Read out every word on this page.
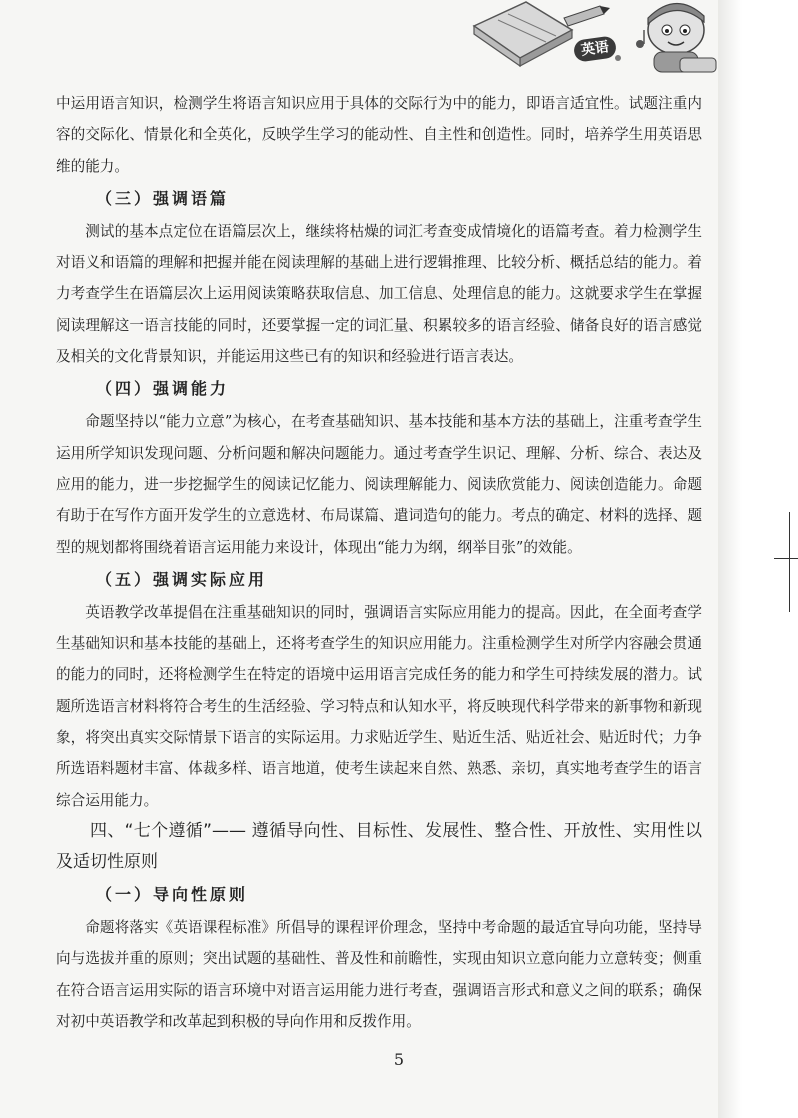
英语

中运用语言知识，检测学生将语言知识应用于具体的交际行为中的能力，即语言适宜性。试题注重内容的交际化、情景化和全英化，反映学生学习的能动性、自主性和创造性。同时，培养学生用英语思维的能力。

（三）强调语篇

测试的基本点定位在语篇层次上，继续将枯燥的词汇考查变成情境化的语篇考查。着力检测学生对语义和语篇的理解和把握并能在阅读理解的基础上进行逻辑推理、比较分析、概括总结的能力。着力考查学生在语篇层次上运用阅读策略获取信息、加工信息、处理信息的能力。这就要求学生在掌握阅读理解这一语言技能的同时，还要掌握一定的词汇量、积累较多的语言经验、储备良好的语言感觉及相关的文化背景知识，并能运用这些已有的知识和经验进行语言表达。

（四）强调能力

命题坚持以“能力立意”为核心，在考查基础知识、基本技能和基本方法的基础上，注重考查学生运用所学知识发现问题、分析问题和解决问题能力。通过考查学生识记、理解、分析、综合、表达及应用的能力，进一步挖掘学生的阅读记忆能力、阅读理解能力、阅读欣赏能力、阅读创造能力。命题有助于在写作方面开发学生的立意选材、布局谋篇、遣词造句的能力。考点的确定、材料的选择、题型的规划都将围绕着语言运用能力来设计，体现出“能力为纲，纲举目张”的效能。

（五）强调实际应用

英语教学改革提倡在注重基础知识的同时，强调语言实际应用能力的提高。因此，在全面考查学生基础知识和基本技能的基础上，还将考查学生的知识应用能力。注重检测学生对所学内容融会贯通的能力的同时，还将检测学生在特定的语境中运用语言完成任务的能力和学生可持续发展的潜力。试题所选语言材料将符合考生的生活经验、学习特点和认知水平，将反映现代科学带来的新事物和新现象，将突出真实交际情景下语言的实际运用。力求贴近学生、贴近生活、贴近社会、贴近时代；力争所选语料题材丰富、体裁多样、语言地道，使考生读起来自然、熟悉、亲切，真实地考查学生的语言综合运用能力。

四、“七个遵循”—— 遵循导向性、目标性、发展性、整合性、开放性、实用性以及适切性原则
（一）导向性原则

命题将落实《英语课程标准》所倡导的课程评价理念，坚持中考命题的最适宜导向功能，坚持导向与选拔并重的原则；突出试题的基础性、普及性和前瞻性，实现由知识立意向能力立意转变；侧重在符合语言运用实际的语言环境中对语言运用能力进行考查，强调语言形式和意义之间的联系；确保对初中英语教学和改革起到积极的导向作用和反拨作用。

5
